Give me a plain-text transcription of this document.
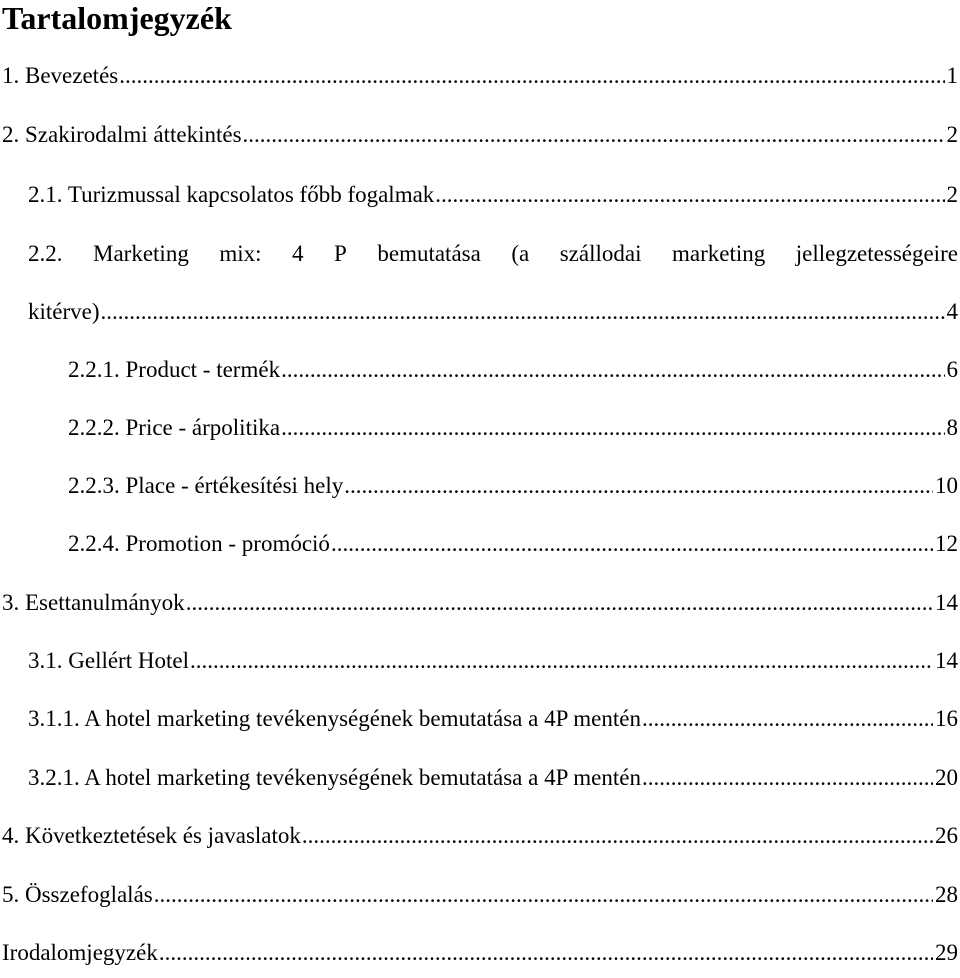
Tartalomjegyzék
1. Bevezetés .....	1
2. Szakirodalmi áttekintés .....	2
2.1. Turizmussal kapcsolatos főbb fogalmak .....	2
2.2. Marketing mix: 4 P bemutatása (a szállodai marketing jellegzetességeire
kitérve) .....	4
2.2.1. Product - termék .....	6
2.2.2. Price - árpolitika .....	8
2.2.3. Place - értékesítési hely .....	10
2.2.4. Promotion - promóció .....	12
3. Esettanulmányok .....	14
3.1. Gellért Hotel .....	14
3.1.1. A hotel marketing tevékenységének bemutatása a 4P mentén .....	16
3.2.1. A hotel marketing tevékenységének bemutatása a 4P mentén .....	20
4. Következtetések és javaslatok .....	26
5. Összefoglalás .....	28
Irodalomjegyzék .....	29
